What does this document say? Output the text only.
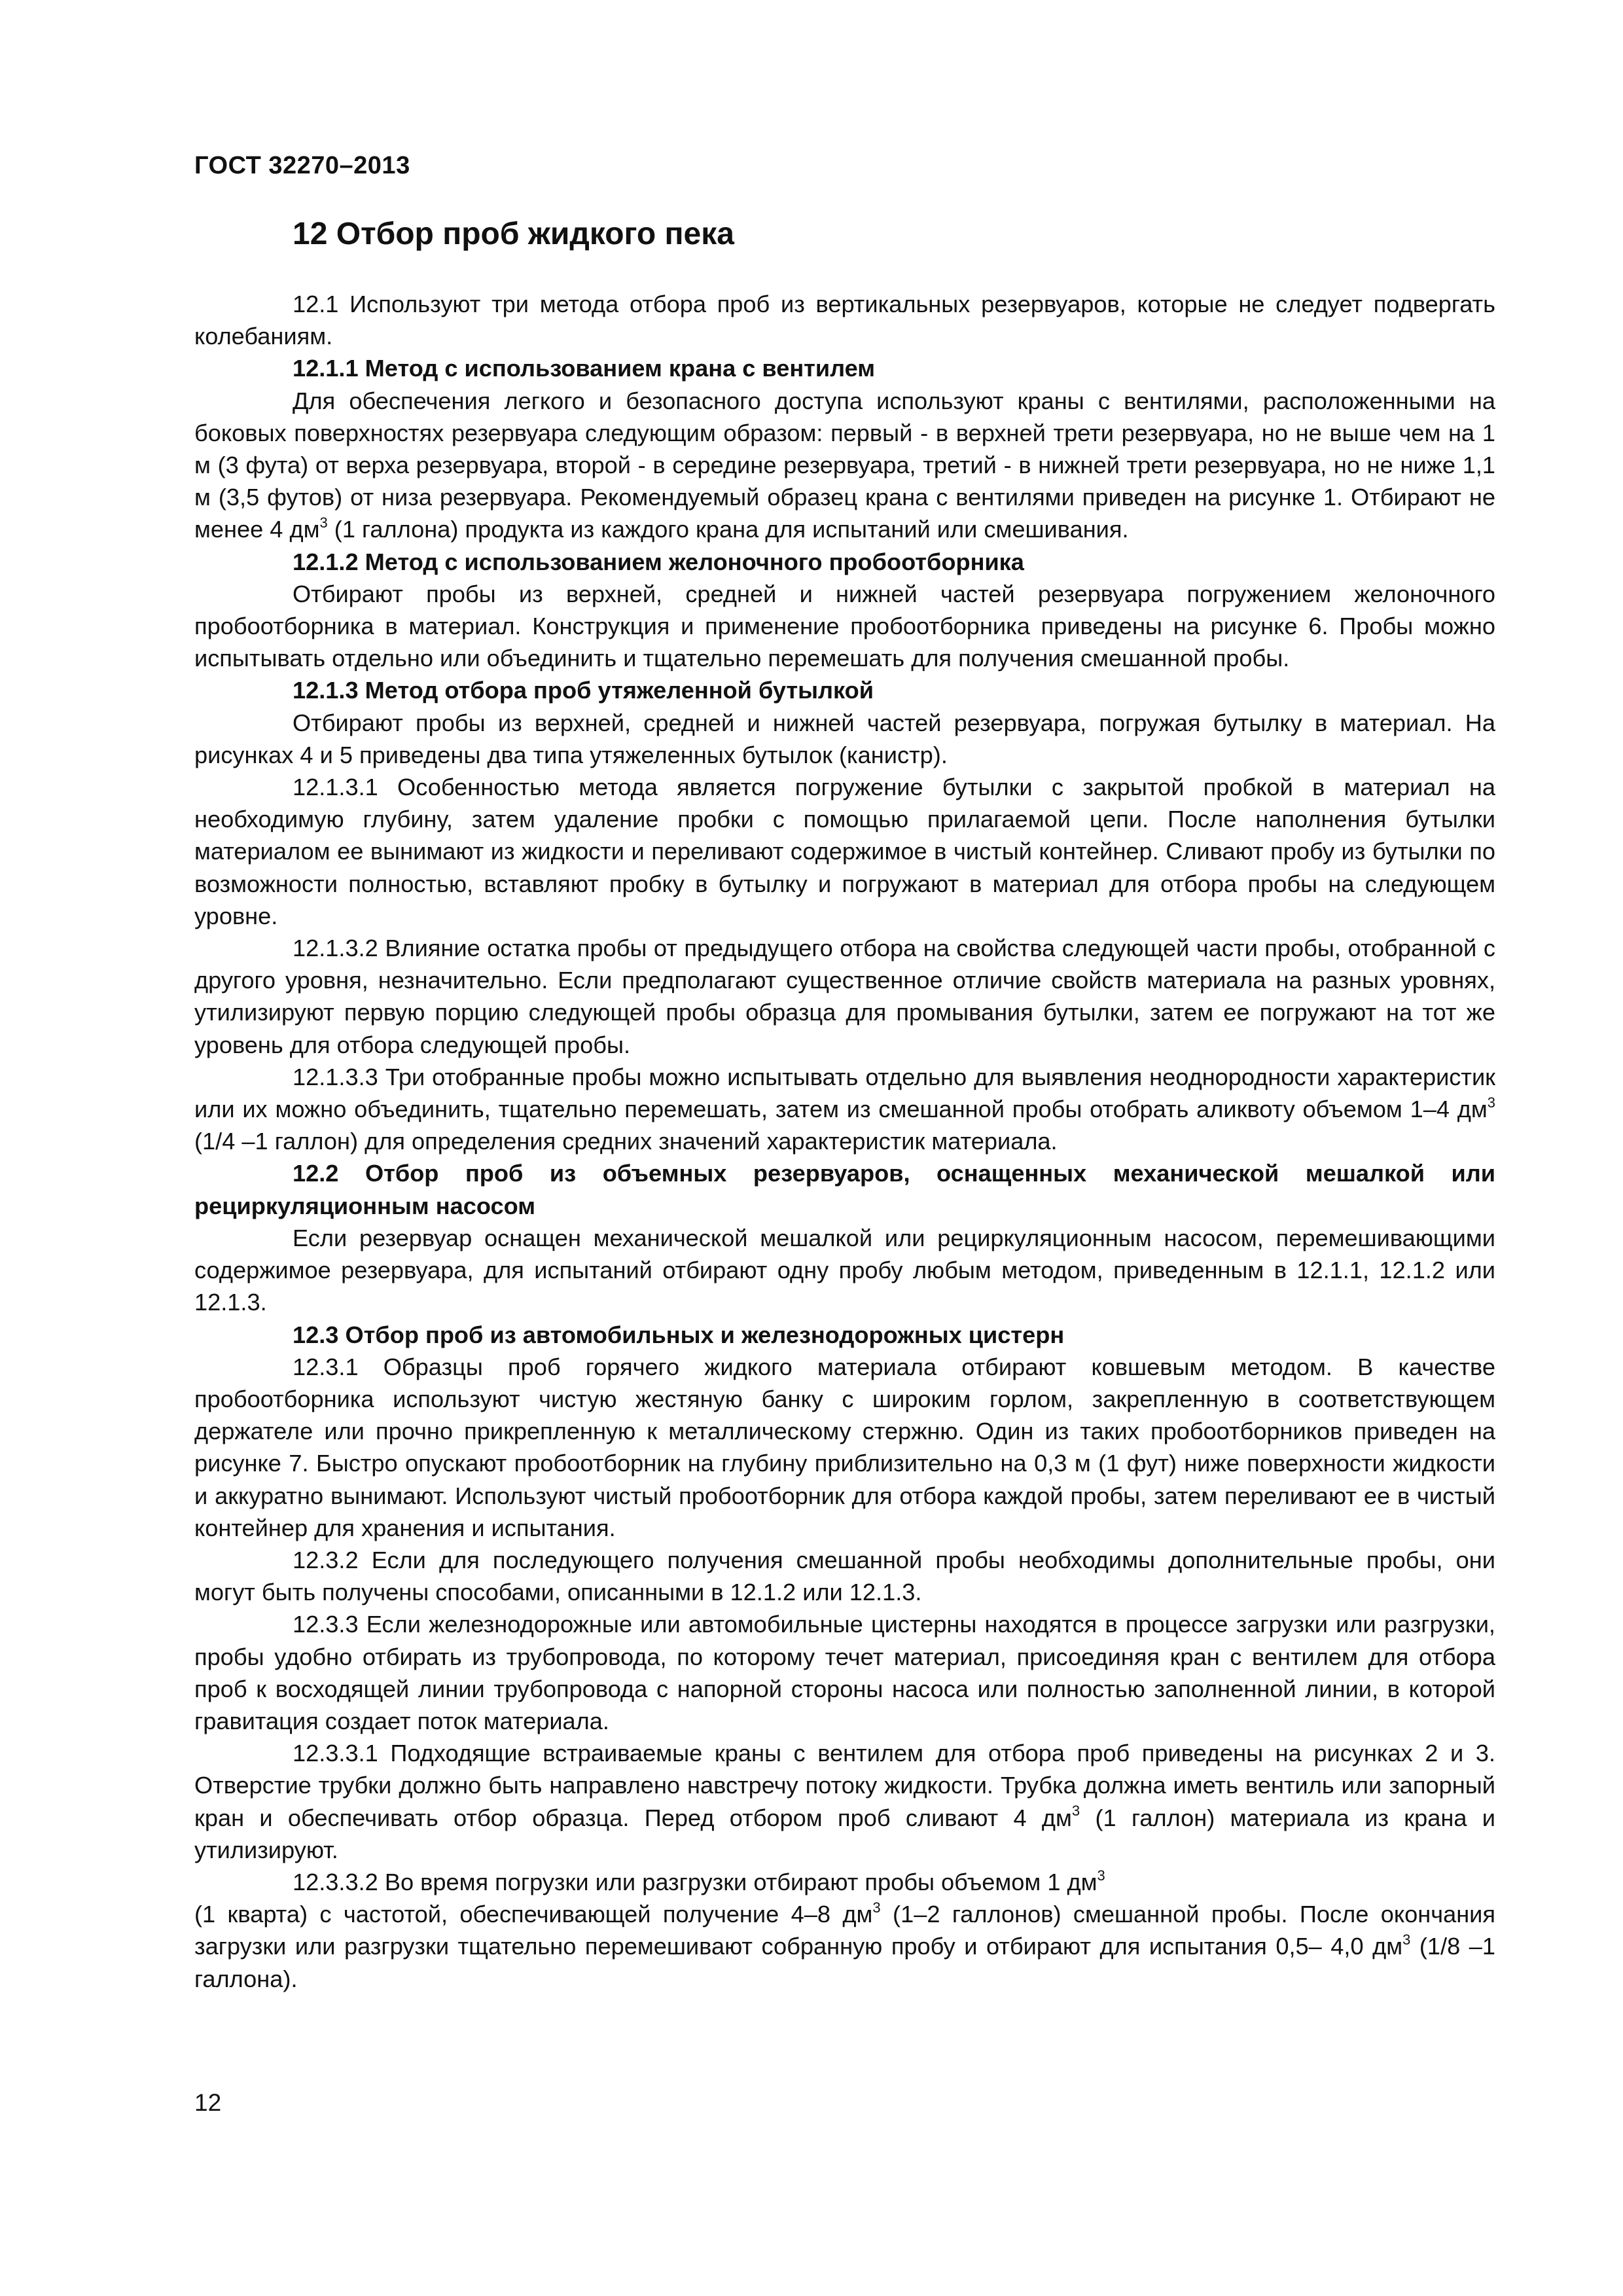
ГОСТ 32270–2013
12 Отбор проб жидкого пека

12.1 Используют три метода отбора проб из вертикальных резервуаров, которые не следует подвергать колебаниям.

12.1.1 Метод с использованием крана с вентилем

Для обеспечения легкого и безопасного доступа используют краны с вентилями, расположенными на боковых поверхностях резервуара следующим образом: первый - в верхней трети резервуара, но не выше чем на 1 м (3 фута) от верха резервуара, второй - в середине резервуара, третий - в нижней трети резервуара, но не ниже 1,1 м (3,5 футов) от низа резервуара. Рекомендуемый образец крана с вентилями приведен на рисунке 1. Отбирают не менее 4 $дм^3$ (1 галлона) продукта из каждого крана для испытаний или смешивания.

12.1.2 Метод с использованием желоночного пробоотборника

Отбирают пробы из верхней, средней и нижней частей резервуара погружением желоночного пробоотборника в материал. Конструкция и применение пробоотборника приведены на рисунке 6. Пробы можно испытывать отдельно или объединить и тщательно перемешать для получения смешанной пробы.

12.1.3 Метод отбора проб утяжеленной бутылкой

Отбирают пробы из верхней, средней и нижней частей резервуара, погружая бутылку в материал. На рисунках 4 и 5 приведены два типа утяжеленных бутылок (канистр).

12.1.3.1 Особенностью метода является погружение бутылки с закрытой пробкой в материал на необходимую глубину, затем удаление пробки с помощью прилагаемой цепи. После наполнения бутылки материалом ее вынимают из жидкости и переливают содержимое в чистый контейнер. Сливают пробу из бутылки по возможности полностью, вставляют пробку в бутылку и погружают в материал для отбора пробы на следующем уровне.

12.1.3.2 Влияние остатка пробы от предыдущего отбора на свойства следующей части пробы, отобранной с другого уровня, незначительно. Если предполагают существенное отличие свойств материала на разных уровнях, утилизируют первую порцию следующей пробы образца для промывания бутылки, затем ее погружают на тот же уровень для отбора следующей пробы.

12.1.3.3 Три отобранные пробы можно испытывать отдельно для выявления неоднородности характеристик или их можно объединить, тщательно перемешать, затем из смешанной пробы отобрать аликвоту объемом 1–4 $дм^3$ (1/4 –1 галлон) для определения средних значений характеристик материала.

12.2 Отбор проб из объемных резервуаров, оснащенных механической мешалкой или рециркуляционным насосом

Если резервуар оснащен механической мешалкой или рециркуляционным насосом, перемешивающими содержимое резервуара, для испытаний отбирают одну пробу любым методом, приведенным в 12.1.1, 12.1.2 или 12.1.3.

12.3 Отбор проб из автомобильных и железнодорожных цистерн

12.3.1 Образцы проб горячего жидкого материала отбирают ковшевым методом. В качестве пробоотборника используют чистую жестяную банку с широким горлом, закрепленную в соответствующем держателе или прочно прикрепленную к металлическому стержню. Один из таких пробоотборников приведен на рисунке 7. Быстро опускают пробоотборник на глубину приблизительно на 0,3 м (1 фут) ниже поверхности жидкости и аккуратно вынимают. Используют чистый пробоотборник для отбора каждой пробы, затем переливают ее в чистый контейнер для хранения и испытания.

12.3.2 Если для последующего получения смешанной пробы необходимы дополнительные пробы, они могут быть получены способами, описанными в 12.1.2 или 12.1.3.

12.3.3 Если железнодорожные или автомобильные цистерны находятся в процессе загрузки или разгрузки, пробы удобно отбирать из трубопровода, по которому течет материал, присоединяя кран с вентилем для отбора проб к восходящей линии трубопровода с напорной стороны насоса или полностью заполненной линии, в которой гравитация создает поток материала.

12.3.3.1 Подходящие встраиваемые краны с вентилем для отбора проб приведены на рисунках 2 и 3. Отверстие трубки должно быть направлено навстречу потоку жидкости. Трубка должна иметь вентиль или запорный кран и обеспечивать отбор образца. Перед отбором проб сливают 4 $дм^3$ (1 галлон) материала из крана и утилизируют.

12.3.3.2 Во время погрузки или разгрузки отбирают пробы объемом 1 $дм^3$

(1 кварта) с частотой, обеспечивающей получение 4–8 $дм^3$ (1–2 галлонов) смешанной пробы. После окончания загрузки или разгрузки тщательно перемешивают собранную пробу и отбирают для испытания 0,5– 4,0 $дм^3$ (1/8 –1 галлона).

12
